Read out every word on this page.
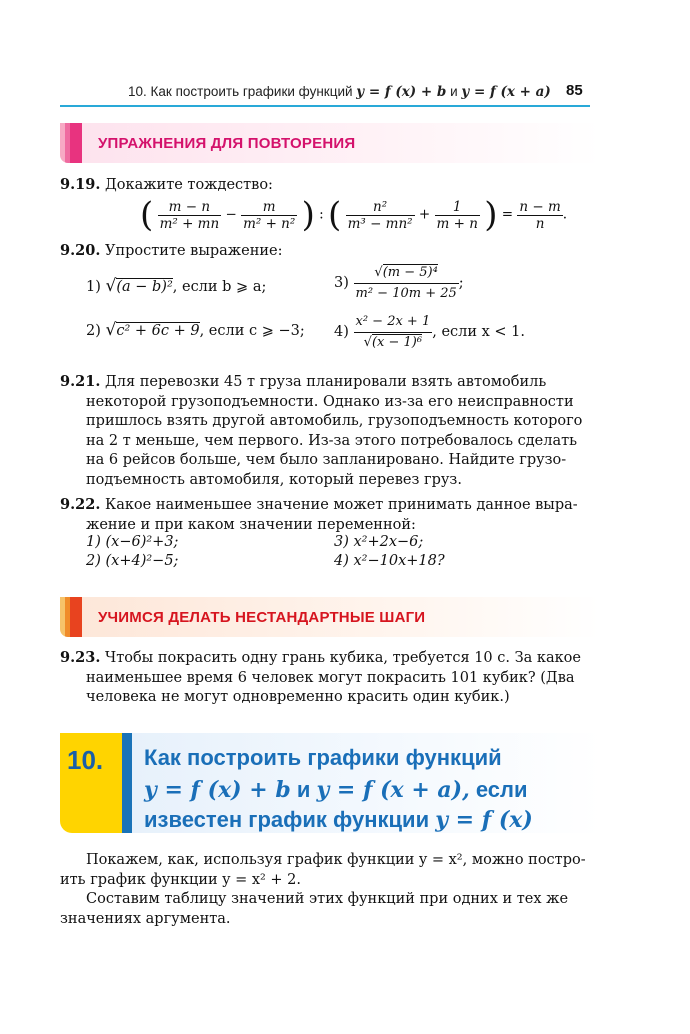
10. Как построить графики функций y = f (x) + b и y = f (x + a) 85
УПРАЖНЕНИЯ ДЛЯ ПОВТОРЕНИЯ
9.19. Докажите тождество:
( $\frac{m - n}{\text{m² + mn}} - \frac{m}{\text{m² + n²}}$ ) : ( $\frac{\text{n²}}{\text{m³ − mn²}} + \frac{1}{m + n}$ ) = $\frac{n - m}{n}$ .
9.20. Упростите выражение:
1) √(a − b)², если b ⩾ a;
2) √c² + 6c + 9, если c ⩾ −3;
$3) \frac{\text{√(m − 5)⁴}}{\text{m² − 10m + 25}}$ ;
$4) \frac{\text{x² − 2x + 1}}{\text{√(x − 1)⁶}}$ , если x < 1.
9.21. Для перевозки 45 т груза планировали взять автомобиль
некоторой грузоподъемности. Однако из-за его неисправности
пришлось взять другой автомобиль, грузоподъемность которого
на 2 т меньше, чем первого. Из-за этого потребовалось сделать
на 6 рейсов больше, чем было запланировано. Найдите грузо-
подъемность автомобиля, который перевез груз.
9.22. Какое наименьшее значение может принимать данное выра-
жение и при каком значении переменной:
1) (x−6)²+3;
2) (x+4)²−5;
3) x²+2x−6;
4) x²−10x+18?
УЧИМСЯ ДЕЛАТЬ НЕСТАНДАРТНЫЕ ШАГИ
9.23. Чтобы покрасить одну грань кубика, требуется 10 с. За какое
наименьшее время 6 человек могут покрасить 101 кубик? (Два
человека не могут одновременно красить один кубик.)
10. Как построить графики функций
y = f (x) + b и y = f (x + a), если
известен график функции y = f (x)
Покажем, как, используя график функции y = x², можно постро-
ить график функции y = x² + 2.
Составим таблицу значений этих функций при одних и тех же
значениях аргумента.
